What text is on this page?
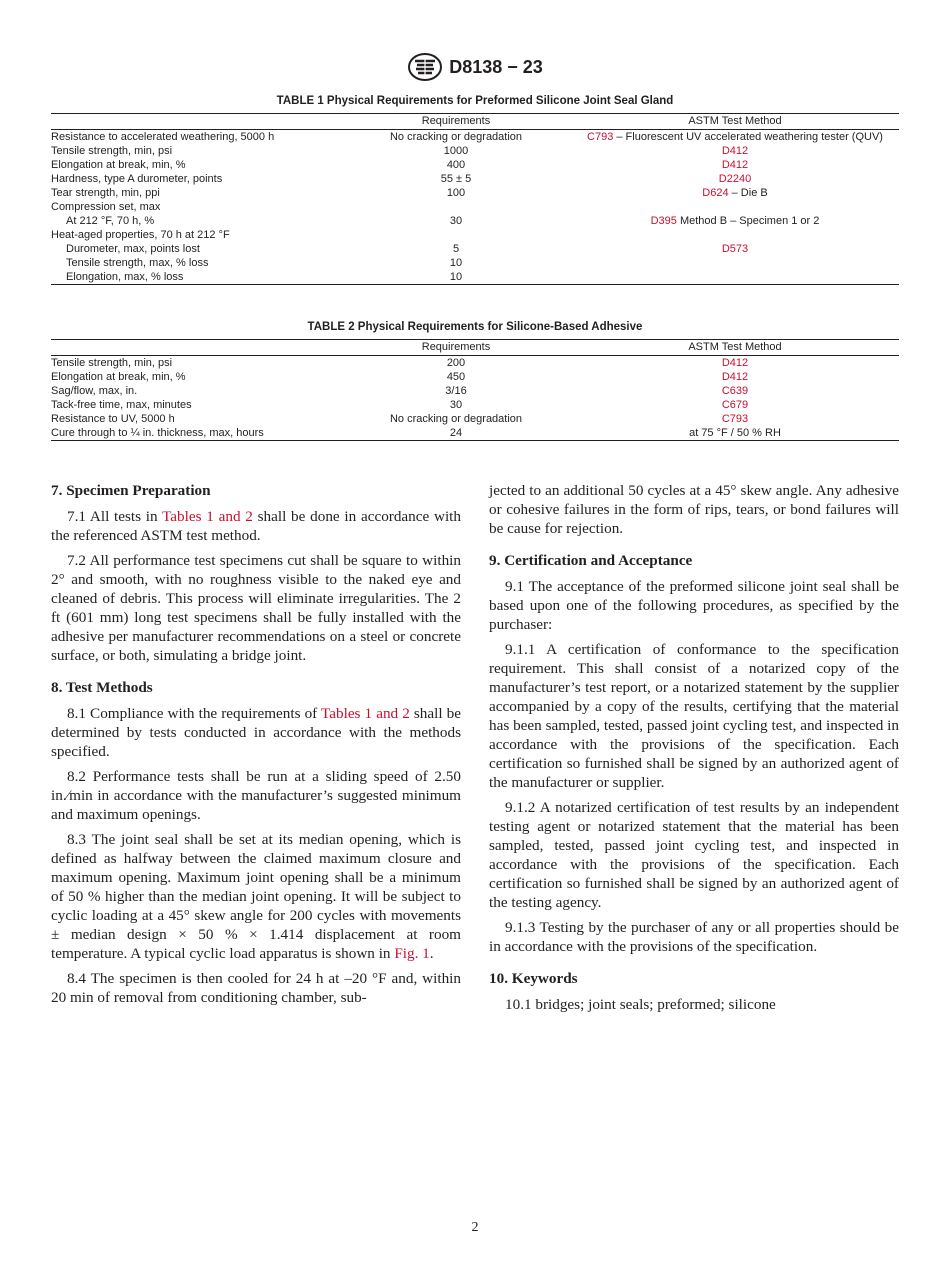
D8138 − 23
TABLE 1 Physical Requirements for Preformed Silicone Joint Seal Gland
	Requirements	ASTM Test Method
Resistance to accelerated weathering, 5000 h	No cracking or degradation	C793 – Fluorescent UV accelerated weathering tester (QUV)
Tensile strength, min, psi	1000	D412
Elongation at break, min, %	400	D412
Hardness, type A durometer, points	55 ± 5	D2240
Tear strength, min, ppi	100	D624 – Die B
Compression set, max		
At 212 °F, 70 h, %	30	D395 Method B – Specimen 1 or 2
Heat-aged properties, 70 h at 212 °F		
Durometer, max, points lost	5	D573
Tensile strength, max, % loss	10	
Elongation, max, % loss	10	
TABLE 2 Physical Requirements for Silicone-Based Adhesive
	Requirements	ASTM Test Method
Tensile strength, min, psi	200	D412
Elongation at break, min, %	450	D412
Sag/flow, max, in.	3/16	C639
Tack-free time, max, minutes	30	C679
Resistance to UV, 5000 h	No cracking or degradation	C793
Cure through to ¼ in. thickness, max, hours	24	at 75 °F / 50 % RH
7. Specimen Preparation

7.1 All tests in Tables 1 and 2 shall be done in accordance with the referenced ASTM test method.

7.2 All performance test specimens cut shall be square to within 2° and smooth, with no roughness visible to the naked eye and cleaned of debris. This process will eliminate irregularities. The 2 ft (601 mm) long test specimens shall be fully installed with the adhesive per manufacturer recommendations on a steel or concrete surface, or both, simulating a bridge joint.

8. Test Methods

8.1 Compliance with the requirements of Tables 1 and 2 shall be determined by tests conducted in accordance with the methods specified.

8.2 Performance tests shall be run at a sliding speed of 2.50 in.⁄min in accordance with the manufacturer’s suggested minimum and maximum openings.

8.3 The joint seal shall be set at its median opening, which is defined as halfway between the claimed maximum closure and maximum opening. Maximum joint opening shall be a minimum of 50 % higher than the median joint opening. It will be subject to cyclic loading at a 45° skew angle for 200 cycles with movements ± median design × 50 % × 1.414 displacement at room temperature. A typical cyclic load apparatus is shown in Fig. 1.

8.4 The specimen is then cooled for 24 h at –20 °F and, within 20 min of removal from conditioning chamber, sub-

jected to an additional 50 cycles at a 45° skew angle. Any adhesive or cohesive failures in the form of rips, tears, or bond failures will be cause for rejection.

9. Certification and Acceptance

9.1 The acceptance of the preformed silicone joint seal shall be based upon one of the following procedures, as specified by the purchaser:

9.1.1 A certification of conformance to the specification requirement. This shall consist of a notarized copy of the manufacturer’s test report, or a notarized statement by the supplier accompanied by a copy of the results, certifying that the material has been sampled, tested, passed joint cycling test, and inspected in accordance with the provisions of the specification. Each certification so furnished shall be signed by an authorized agent of the manufacturer or supplier.

9.1.2 A notarized certification of test results by an independent testing agent or notarized statement that the material has been sampled, tested, passed joint cycling test, and inspected in accordance with the provisions of the specification. Each certification so furnished shall be signed by an authorized agent of the testing agency.

9.1.3 Testing by the purchaser of any or all properties should be in accordance with the provisions of the specification.

10. Keywords

10.1 bridges; joint seals; preformed; silicone

2
